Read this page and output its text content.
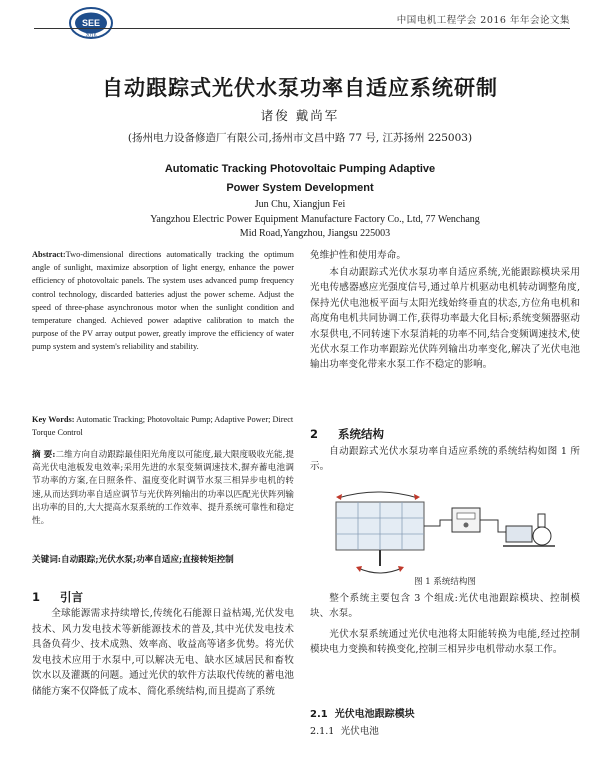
SEE
2016
中国电机工程学会 2016 年年会论文集
自动跟踪式光伏水泵功率自适应系统研制
诸俊 戴尚军
(扬州电力设备修造厂有限公司,扬州市文昌中路 77 号, 江苏扬州 225003)
Automatic Tracking Photovoltaic Pumping Adaptive
Power System Development
Jun Chu, Xiangjun Fei
Yangzhou Electric Power Equipment Manufacture Factory Co., Ltd, 77 Wenchang Mid Road,Yangzhou, Jiangsu 225003
Abstract:Two-dimensional directions automatically tracking the optimum angle of sunlight, maximize absorption of light energy, enhance the power efficiency of photovoltaic panels. The system uses advanced pump frequency control technology, discarded batteries adjust the power scheme. Adjust the speed of three-phase asynchronous motor when the sunlight condition and temperature changed. Achieved power adaptive calibration to match the purpose of the PV array output power, greatly improve the efficiency of water pump system and system's reliability and stability.
Key Words: Automatic Tracking; Photovoltaic Pump; Adaptive Power; Direct Torque Control
摘 要:二维方向自动跟踪最佳阳光角度以可能度,最大限度吸收光能,提高光伏电池板发电效率;采用先进的水泵变频调速技术,摒弃蓄电池调节功率的方案,在日照条件、温度变化时调节水泵三相异步电机的转速,从而达到功率自适应调节与光伏阵列输出的功率以匹配光伏阵列输出功率的目的,大大提高水泵系统的工作效率、提升系统可靠性和稳定性。
关键词:自动跟踪;光伏水泵;功率自适应;直接转矩控制
1 引言
全球能源需求持续增长,传统化石能源日益枯竭,光伏发电技术、风力发电技术等新能源技术的普及,其中光伏发电技术具备负荷少、技术成熟、效率高、收益高等诸多优势。将光伏发电技术应用于水泵中,可以解决无电、缺水区域居民和畜牧饮水以及灌溉的问题。通过光伏的软件方法取代传统的蓄电池储能方案不仅降低了成本、简化系统结构,而且提高了系统
免维护性和使用寿命。
本自动跟踪式光伏水泵功率自适应系统,光能跟踪模块采用光电传感器感应光强度信号,通过单片机驱动电机转动调整角度,保持光伏电池板平面与太阳光线始终垂直的状态,方位角电机和高度角电机共同协调工作,获得功率最大化目标;系统变频器驱动水泵供电,不同转速下水泵消耗的功率不同,结合变频调速技术,使光伏水泵工作功率跟踪光伏阵列输出功率变化,解决了光伏电池输出功率变化带来水泵工作不稳定的影响。
2 系统结构
自动跟踪式光伏水泵功率自适应系统的系统结构如图 1 所示。
图 1 系统结构图
整个系统主要包含 3 个组成:光伏电池跟踪模块、控制模块、水泵。
光伏水泵系统通过光伏电池将太阳能转换为电能,经过控制模块电力变换和转换变化,控制三相异步电机带动水泵工作。
2.1 光伏电池跟踪模块
2.1.1 光伏电池
